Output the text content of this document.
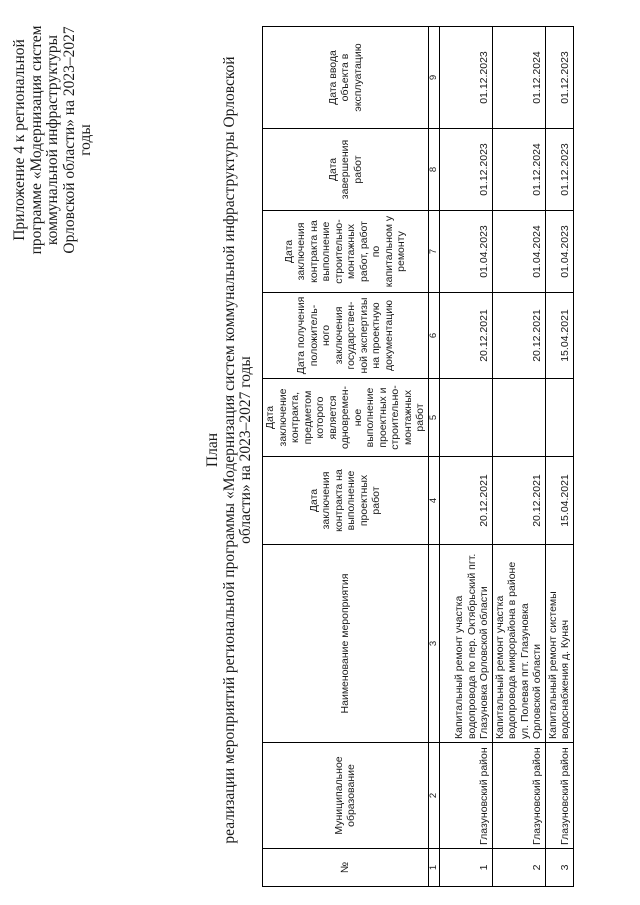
Приложение 4 к региональной программе «Модернизация систем коммунальной инфраструктуры Орловской области» на 2023–2027 годы
План реализации мероприятий региональной программы «Модернизация систем коммунальной инфраструктуры Орловской области» на 2023–2027 годы
№	Муниципальное образование	Наименование мероприятия	Дата заключения контракта на выполнение проектных работ	Дата заключение контракта, предметом которого является одновремен-ное выполнение проектных и строительно-монтажных работ	Дата получения положитель-ного заключения государствен-ной экспертизы на проектную документацию	Дата заключения контракта на выполнение строительно-монтажных работ, работ по капитальном у ремонту	Дата завершения работ	Дата ввода объекта в эксплуатацию
1	2	3	4	5	6	7	8	9
1	Глазуновский район	Капитальный ремонт участка водопровода по пер. Октябрьский пгт. Глазуновка Орловской области	20.12.2021		20.12.2021	01.04.2023	01.12.2023	01.12.2023
2	Глазуновский район	Капитальный ремонт участка водопровода микрорайона в районе ул. Полевая пгт. Глазуновка Орловской области	20.12.2021		20.12.2021	01.04.2024	01.12.2024	01.12.2024
3	Глазуновский район	Капитальный ремонт системы водоснабжения д. Кунач	15.04.2021		15.04.2021	01.04.2023	01.12.2023	01.12.2023
